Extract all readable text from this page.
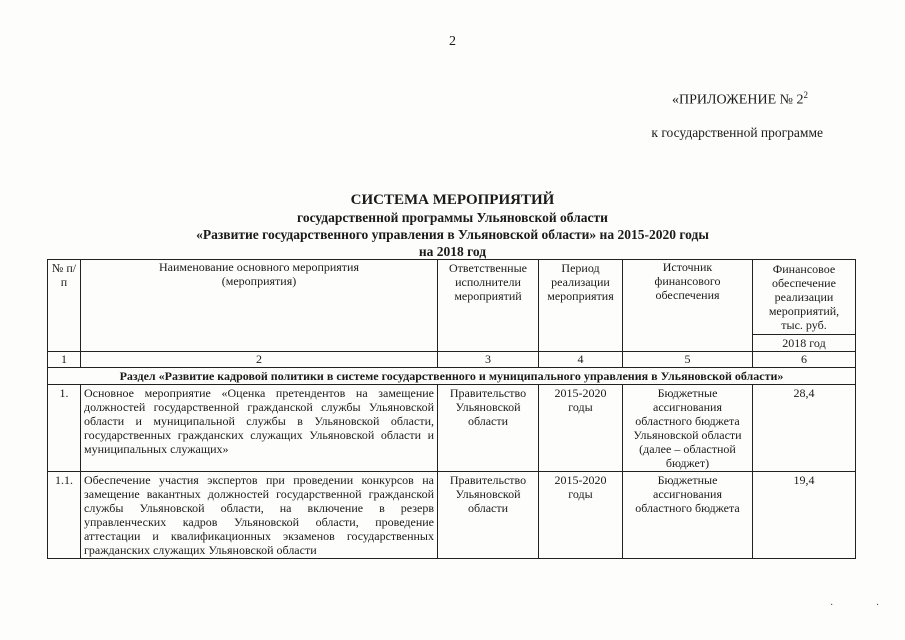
2
«ПРИЛОЖЕНИЕ № $2^2$
к государственной программе
СИСТЕМА МЕРОПРИЯТИЙ
государственной программы Ульяновской области
«Развитие государственного управления в Ульяновской области» на 2015-2020 годы
на 2018 год
№ п/п	Наименование основного мероприятия (мероприятия)	Ответственные исполнители мероприятий	Период реализации мероприятия	Источник финансового обеспечения	Финансовое обеспечение реализации мероприятий, тыс. руб.
					2018 год
1	2	3	4	5	6
Раздел «Развитие кадровой политики в системе государственного и муниципального управления в Ульяновской области»					
1.	Основное мероприятие «Оценка претендентов на замещение должностей государственной гражданской службы Ульяновской области и муниципальной службы в Ульяновской области, государственных гражданских служащих Ульяновской области и муниципальных служащих»	Правительство Ульяновской области	2015-2020 годы	Бюджетные ассигнования областного бюджета Ульяновской области (далее – областной бюджет)	28,4
1.1.	Обеспечение участия экспертов при проведении конкурсов на замещение вакантных должностей государственной гражданской службы Ульяновской области, на включение в резерв управленческих кадров Ульяновской области, проведение аттестации и квалификационных экзаменов государственных гражданских служащих Ульяновской области	Правительство Ульяновской области	2015-2020 годы	Бюджетные ассигнования областного бюджета	19,4
· ·
